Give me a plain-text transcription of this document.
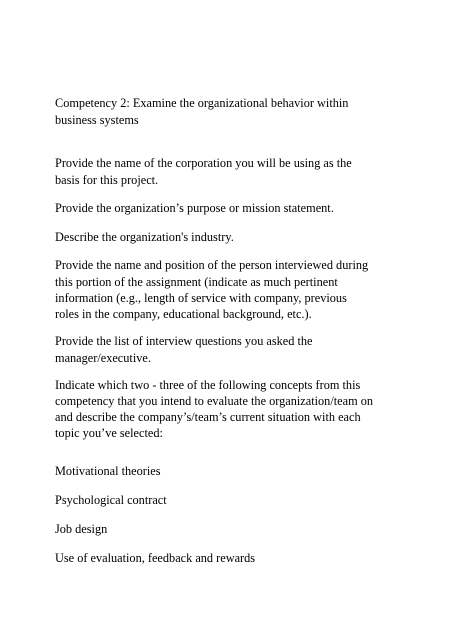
Competency 2: Examine the organizational behavior within

business systems

Provide the name of the corporation you will be using as the

basis for this project.

Provide the organization’s purpose or mission statement.

Describe the organization's industry.

Provide the name and position of the person interviewed during

this portion of the assignment (indicate as much pertinent

information (e.g., length of service with company, previous

roles in the company, educational background, etc.).

Provide the list of interview questions you asked the

manager/executive.

Indicate which two - three of the following concepts from this

competency that you intend to evaluate the organization/team on

and describe the company’s/team’s current situation with each

topic you’ve selected:

Motivational theories

Psychological contract

Job design

Use of evaluation, feedback and rewards
